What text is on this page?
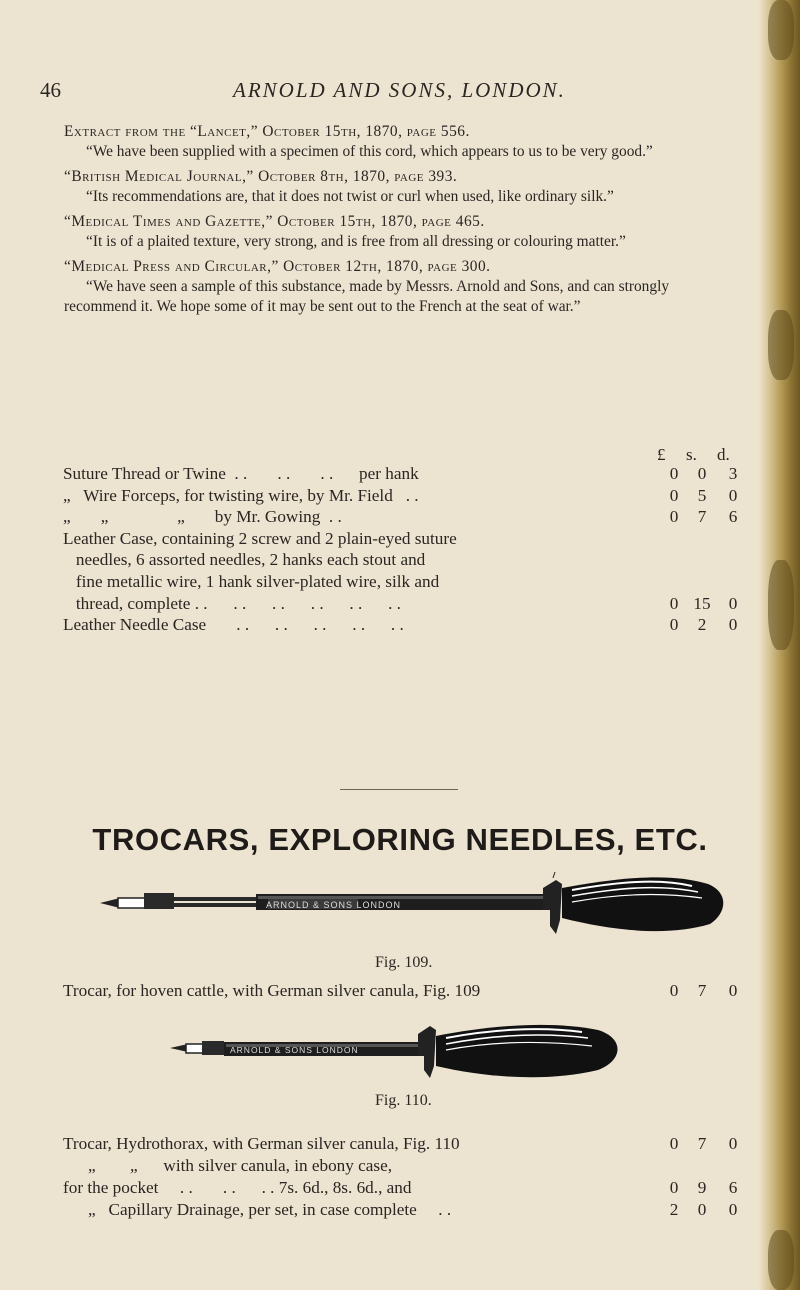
46	ARNOLD AND SONS, LONDON.
Extract from the “Lancet,” October 15th, 1870, page 556.
“We have been supplied with a specimen of this cord, which appears to us to be very good.”
“British Medical Journal,” October 8th, 1870, page 393.
“Its recommendations are, that it does not twist or curl when used, like ordinary silk.”
“Medical Times and Gazette,” October 15th, 1870, page 465.
“It is of a plaited texture, very strong, and is free from all dressing or colouring matter.”
“Medical Press and Circular,” October 12th, 1870, page 300.
“We have seen a sample of this substance, made by Messrs. Arnold and Sons, and can strongly recommend it. We hope some of it may be sent out to the French at the seat of war.”
£ s. d.
Suture Thread or Twine  . .       . .       . .      per hank	0	0	3
„   Wire Forceps, for twisting wire, by Mr. Field   . .	0	5	0
„       „                „       by Mr. Gowing  . .	0	7	6
Leather Case, containing 2 screw and 2 plain-eyed suture
needles, 6 assorted needles, 2 hanks each stout and
fine metallic wire, 1 hank silver-plated wire, silk and
thread, complete . .      . .      . .      . .      . .      . .	0 15	0
Leather Needle Case       . .      . .      . .      . .      . .	0	2	0
TROCARS, EXPLORING NEEDLES, ETC.
ARNOLD & SONS LONDON
Fig. 109.
Trocar, for hoven cattle, with German silver canula, Fig. 109	0	7	0
ARNOLD & SONS LONDON
Fig. 110.
Trocar, Hydrothorax, with German silver canula, Fig. 110	0	7	0
„        „      with silver canula, in ebony case,
for the pocket     . .       . .      . . 7s. 6d., 8s. 6d., and	0	9	6
„   Capillary Drainage, per set, in case complete     . .	2	0	0
